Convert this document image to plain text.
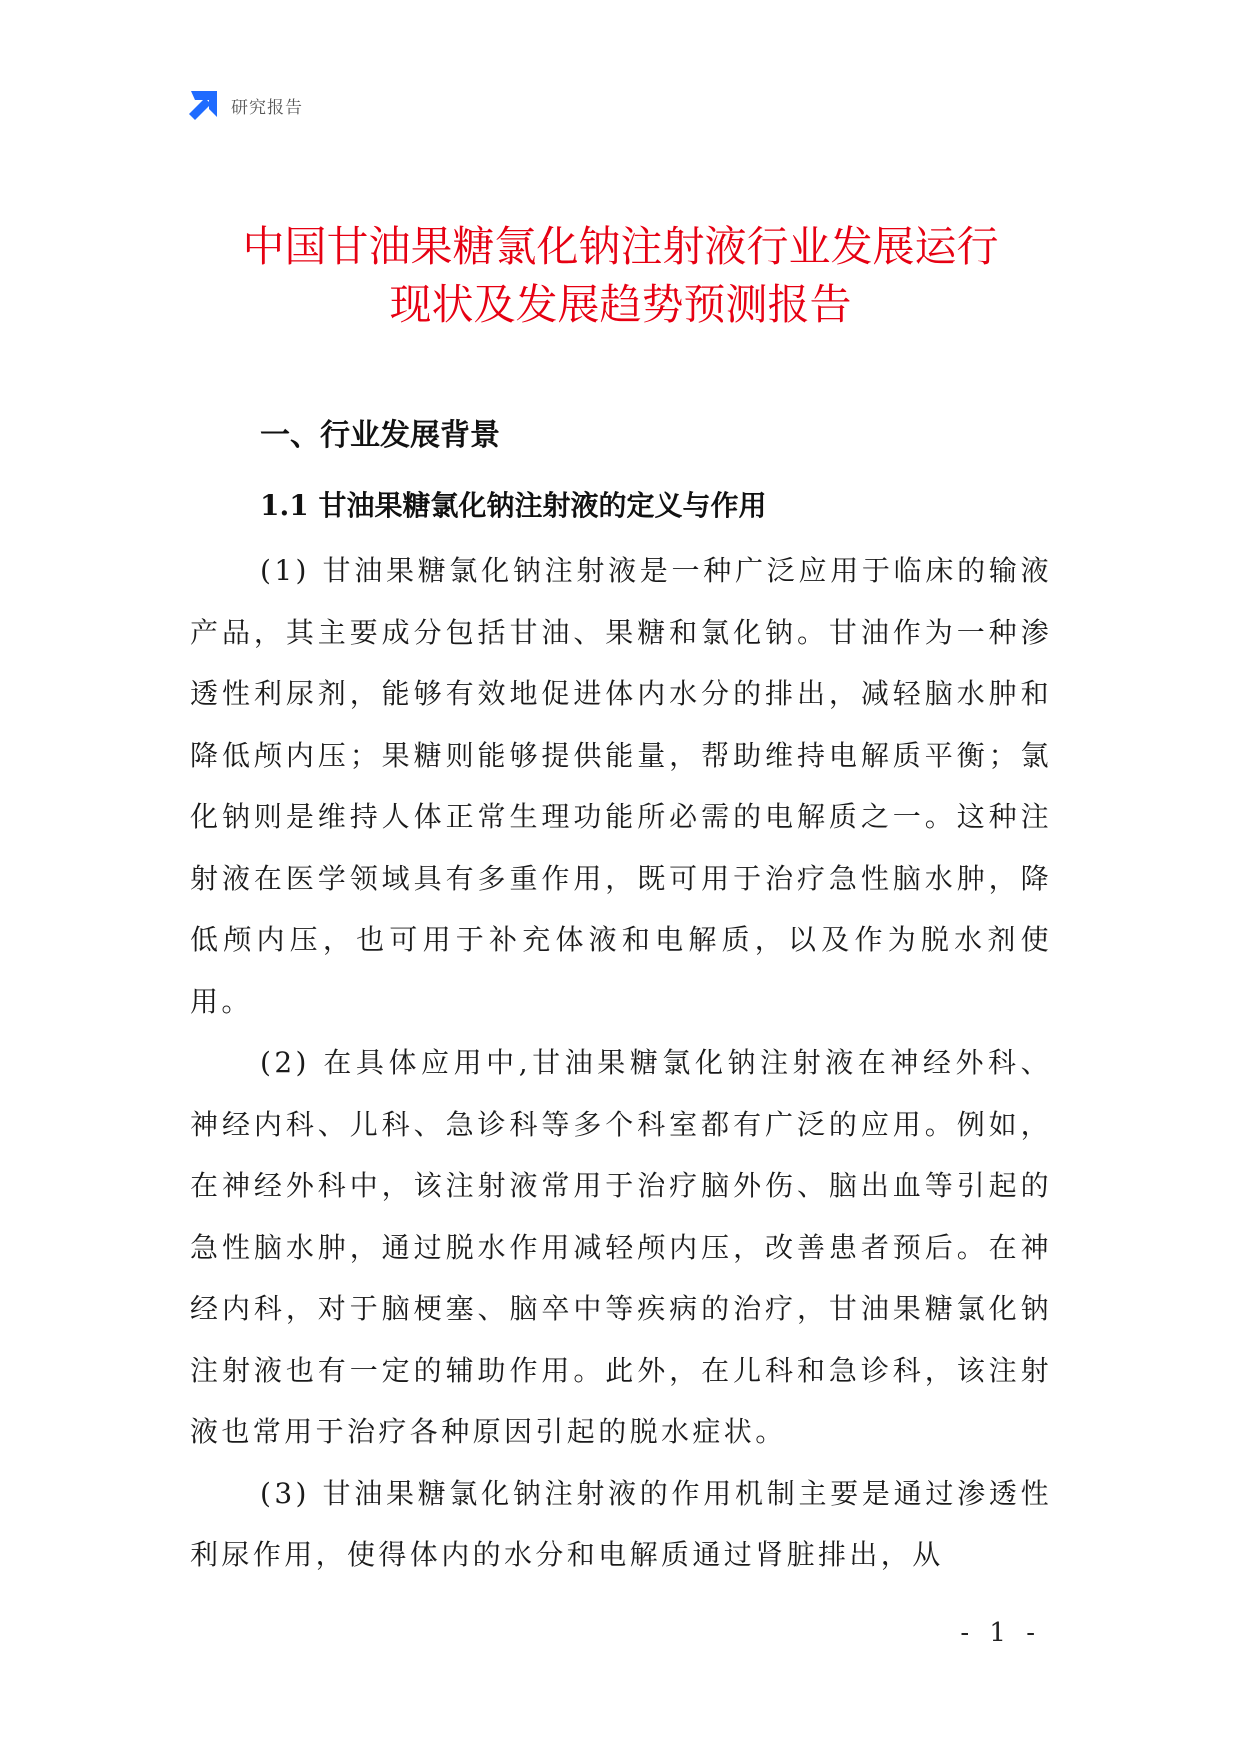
研究报告
中国甘油果糖氯化钠注射液行业发展运行
现状及发展趋势预测报告
一、行业发展背景
1.1 甘油果糖氯化钠注射液的定义与作用

(1) 甘油果糖氯化钠注射液是一种广泛应用于临床的输液产品，其主要成分包括甘油、果糖和氯化钠。甘油作为一种渗透性利尿剂，能够有效地促进体内水分的排出，减轻脑水肿和降低颅内压；果糖则能够提供能量，帮助维持电解质平衡；氯化钠则是维持人体正常生理功能所必需的电解质之一。这种注射液在医学领域具有多重作用，既可用于治疗急性脑水肿，降低颅内压，也可用于补充体液和电解质，以及作为脱水剂使用。

(2) 在具体应用中,甘油果糖氯化钠注射液在神经外科、神经内科、儿科、急诊科等多个科室都有广泛的应用。例如，在神经外科中，该注射液常用于治疗脑外伤、脑出血等引起的急性脑水肿，通过脱水作用减轻颅内压，改善患者预后。在神经内科，对于脑梗塞、脑卒中等疾病的治疗，甘油果糖氯化钠注射液也有一定的辅助作用。此外，在儿科和急诊科，该注射液也常用于治疗各种原因引起的脱水症状。

(3) 甘油果糖氯化钠注射液的作用机制主要是通过渗透性利尿作用，使得体内的水分和电解质通过肾脏排出，从

- 1 -
